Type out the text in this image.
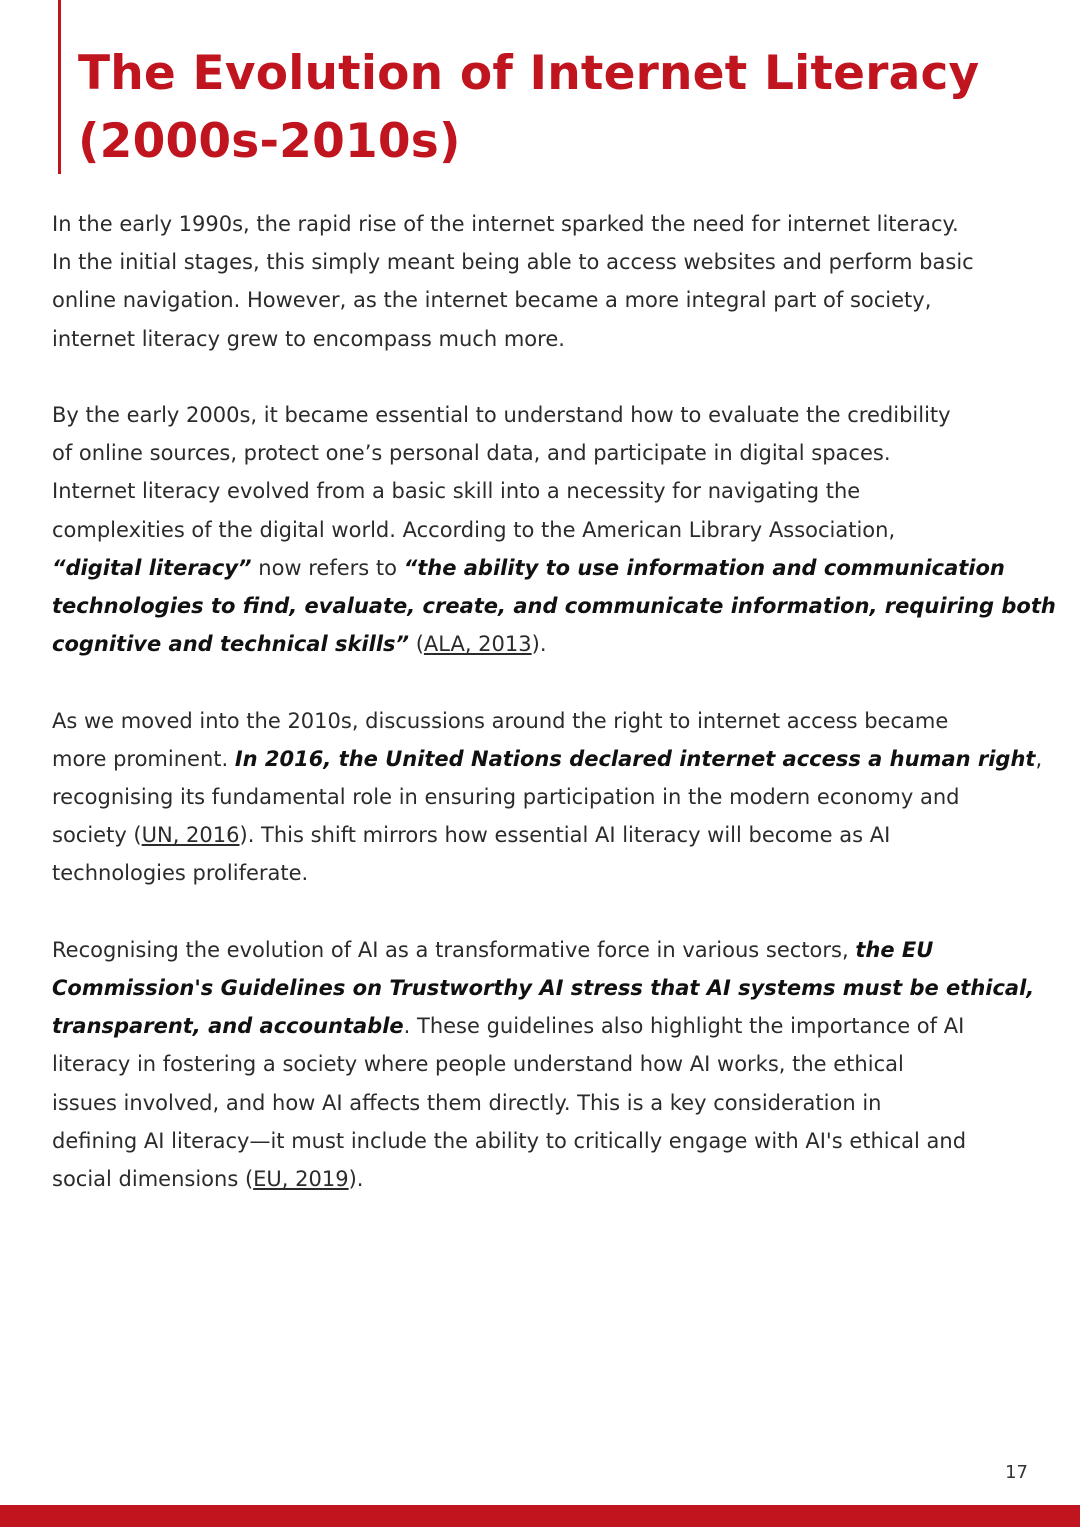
The Evolution of Internet Literacy
(2000s-2010s)

In the early 1990s, the rapid rise of the internet sparked the need for internet literacy.
In the initial stages, this simply meant being able to access websites and perform basic
online navigation. However, as the internet became a more integral part of society,
internet literacy grew to encompass much more.

By the early 2000s, it became essential to understand how to evaluate the credibility
of online sources, protect one’s personal data, and participate in digital spaces.
Internet literacy evolved from a basic skill into a necessity for navigating the
complexities of the digital world. According to the American Library Association,
“digital literacy” now refers to “the ability to use information and communication
technologies to find, evaluate, create, and communicate information, requiring both
cognitive and technical skills” (ALA, 2013).

As we moved into the 2010s, discussions around the right to internet access became
more prominent. In 2016, the United Nations declared internet access a human right,
recognising its fundamental role in ensuring participation in the modern economy and
society (UN, 2016). This shift mirrors how essential AI literacy will become as AI
technologies proliferate.

Recognising the evolution of AI as a transformative force in various sectors, the EU
Commission's Guidelines on Trustworthy AI stress that AI systems must be ethical,
transparent, and accountable. These guidelines also highlight the importance of AI
literacy in fostering a society where people understand how AI works, the ethical
issues involved, and how AI affects them directly. This is a key consideration in
defining AI literacy—it must include the ability to critically engage with AI's ethical and
social dimensions (EU, 2019).

17
